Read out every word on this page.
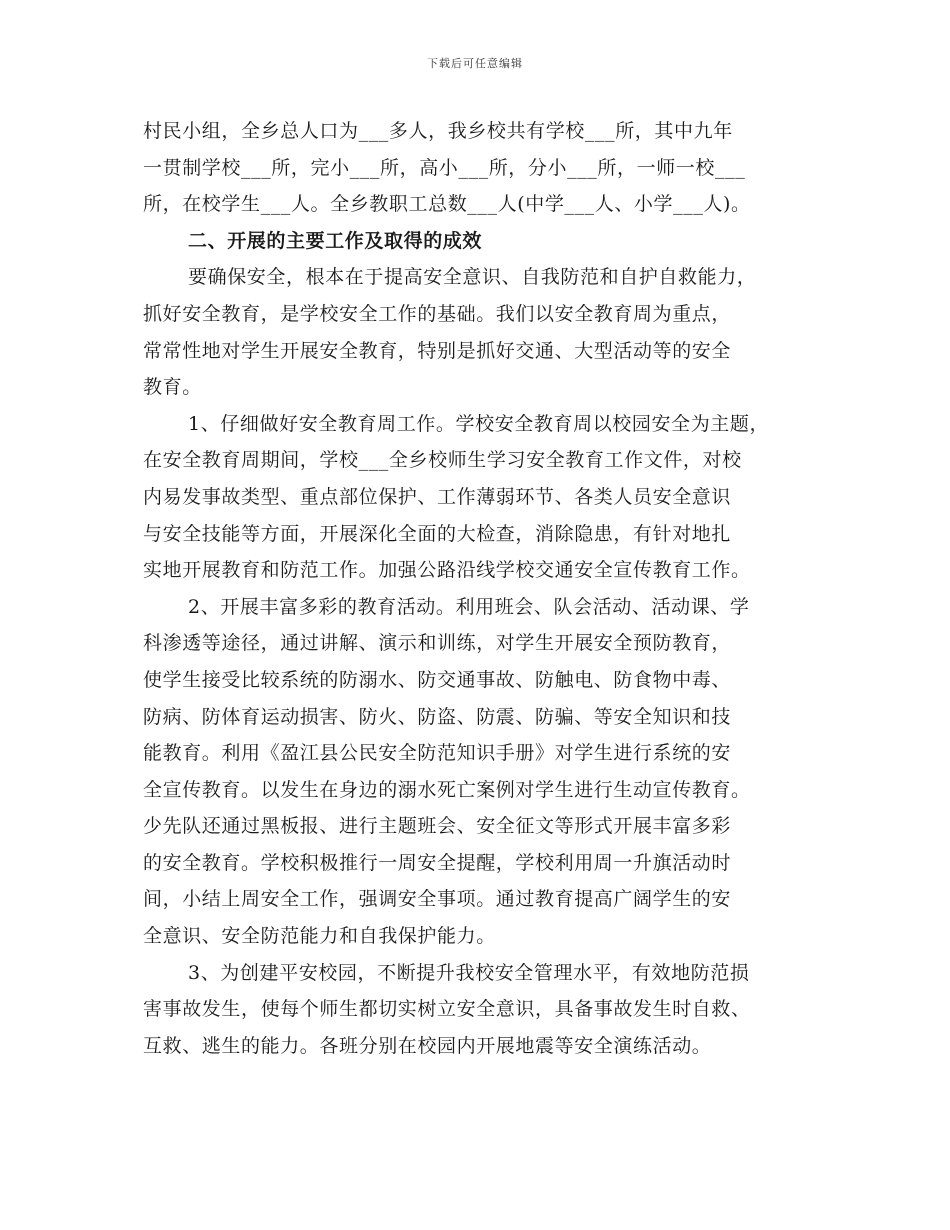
下载后可任意编辑
村民小组，全乡总人口为___多人，我乡校共有学校___所，其中九年
一贯制学校___所，完小___所，高小___所，分小___所，一师一校___
所，在校学生___人。全乡教职工总数___人(中学___人、小学___人)。
二、开展的主要工作及取得的成效
要确保安全，根本在于提高安全意识、自我防范和自护自救能力，
抓好安全教育，是学校安全工作的基础。我们以安全教育周为重点，
常常性地对学生开展安全教育，特别是抓好交通、大型活动等的安全
教育。
1、仔细做好安全教育周工作。学校安全教育周以校园安全为主题，
在安全教育周期间，学校___全乡校师生学习安全教育工作文件，对校
内易发事故类型、重点部位保护、工作薄弱环节、各类人员安全意识
与安全技能等方面，开展深化全面的大检查，消除隐患，有针对地扎
实地开展教育和防范工作。加强公路沿线学校交通安全宣传教育工作。
2、开展丰富多彩的教育活动。利用班会、队会活动、活动课、学
科渗透等途径，通过讲解、演示和训练，对学生开展安全预防教育，
使学生接受比较系统的防溺水、防交通事故、防触电、防食物中毒、
防病、防体育运动损害、防火、防盗、防震、防骗、等安全知识和技
能教育。利用《盈江县公民安全防范知识手册》对学生进行系统的安
全宣传教育。以发生在身边的溺水死亡案例对学生进行生动宣传教育。
少先队还通过黑板报、进行主题班会、安全征文等形式开展丰富多彩
的安全教育。学校积极推行一周安全提醒，学校利用周一升旗活动时
间，小结上周安全工作，强调安全事项。通过教育提高广阔学生的安
全意识、安全防范能力和自我保护能力。
3、为创建平安校园，不断提升我校安全管理水平，有效地防范损
害事故发生，使每个师生都切实树立安全意识，具备事故发生时自救、
互救、逃生的能力。各班分别在校园内开展地震等安全演练活动。
